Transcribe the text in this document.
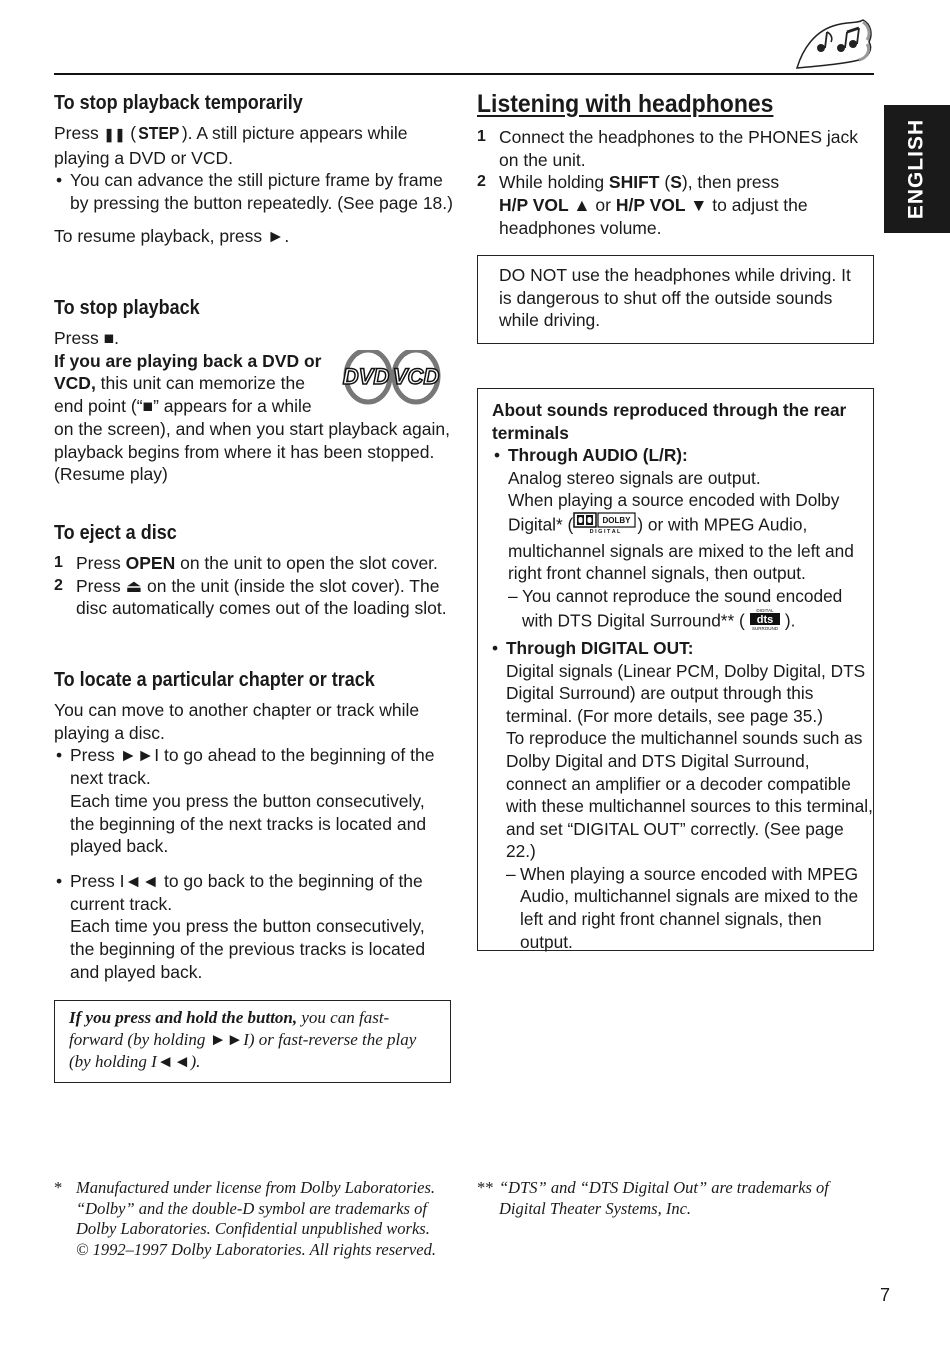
ENGLISH
To stop playback temporarily

Press ❚❚ ( STEP ). A still picture appears while playing a DVD or VCD.

• You can advance the still picture frame by frame by pressing the button repeatedly. (See page 18.)

To resume playback, press ►.

To stop playback

Press ■.

DVD VCD
If you are playing back a DVD or VCD, this unit can memorize the end point (“■” appears for a while on the screen), and when you start playback again, playback begins from where it has been stopped. (Resume play)
To eject a disc
1 Press OPEN on the unit to open the slot cover.
2 Press ⏏ on the unit (inside the slot cover). The disc automatically comes out of the loading slot.
To locate a particular chapter or track

You can move to another chapter or track while playing a disc.

• Press ►►I to go ahead to the beginning of the next track.
Each time you press the button consecutively, the beginning of the next tracks is located and played back.
• Press I◄◄ to go back to the beginning of the current track.
Each time you press the button consecutively, the beginning of the previous tracks is located and played back.

If you press and hold the button, you can fast-forward (by holding ►►I) or fast-reverse the play (by holding I◄◄).

* Manufactured under license from Dolby Laboratories. “Dolby” and the double-D symbol are trademarks of Dolby Laboratories. Confidential unpublished works. © 1992–1997 Dolby Laboratories. All rights reserved.
Listening with headphones
1 Connect the headphones to the PHONES jack on the unit.
2 While holding SHIFT (S), then press
H/P VOL ▲ or H/P VOL ▼ to adjust the headphones volume.

DO NOT use the headphones while driving. It is dangerous to shut off the outside sounds while driving.

About sounds reproduced through the rear terminals

• Through AUDIO (L/R):
Analog stereo signals are output.
When playing a source encoded with Dolby Digital* (	DOLBY
D I G I T A L ) or with MPEG Audio, multichannel signals are mixed to the left and right front channel signals, then output.
– You cannot reproduce the sound encoded with DTS Digital Surround** (	DIGITAL
dts
SURROUND ).
• Through DIGITAL OUT:
Digital signals (Linear PCM, Dolby Digital, DTS Digital Surround) are output through this terminal. (For more details, see page 35.)
To reproduce the multichannel sounds such as Dolby Digital and DTS Digital Surround, connect an amplifier or a decoder compatible with these multichannel sources to this terminal, and set “DIGITAL OUT” correctly. (See page 22.)
– When playing a source encoded with MPEG Audio, multichannel signals are mixed to the left and right front channel signals, then output.
** “DTS” and “DTS Digital Out” are trademarks of Digital Theater Systems, Inc.
7
